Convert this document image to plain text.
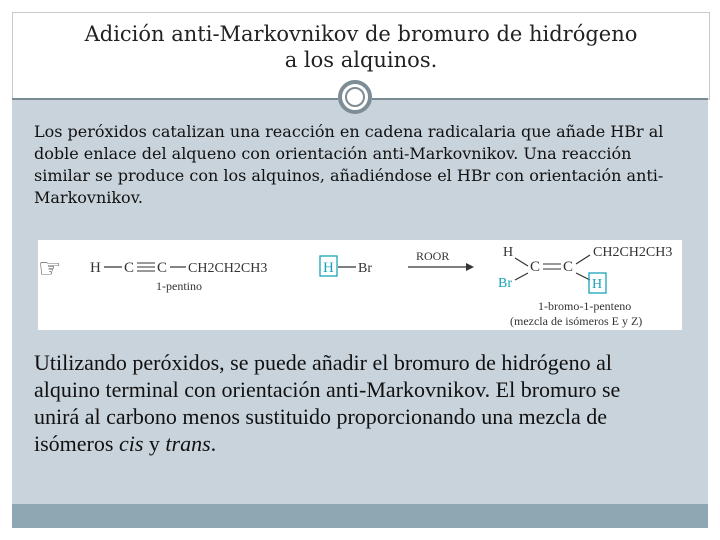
Adición anti-Markovnikov de bromuro de hidrógeno
a los alquinos.
Los peróxidos catalizan una reacción en cadena radicalaria que añade HBr al doble enlace del alqueno con orientación anti-Markovnikov. Una reacción similar se produce con los alquinos, añadiéndose el HBr con orientación anti-Markovnikov.
☞ H C C CH2CH2CH3
1-pentino
H Br
ROOR	H
C C
CH2CH2CH3
Br	H
1-bromo-1-penteno
(mezcla de isómeros E y Z)
Utilizando peróxidos, se puede añadir el bromuro de hidrógeno al alquino terminal con orientación anti-Markovnikov. El bromuro se unirá al carbono menos sustituido proporcionando una mezcla de isómeros cis y trans.
